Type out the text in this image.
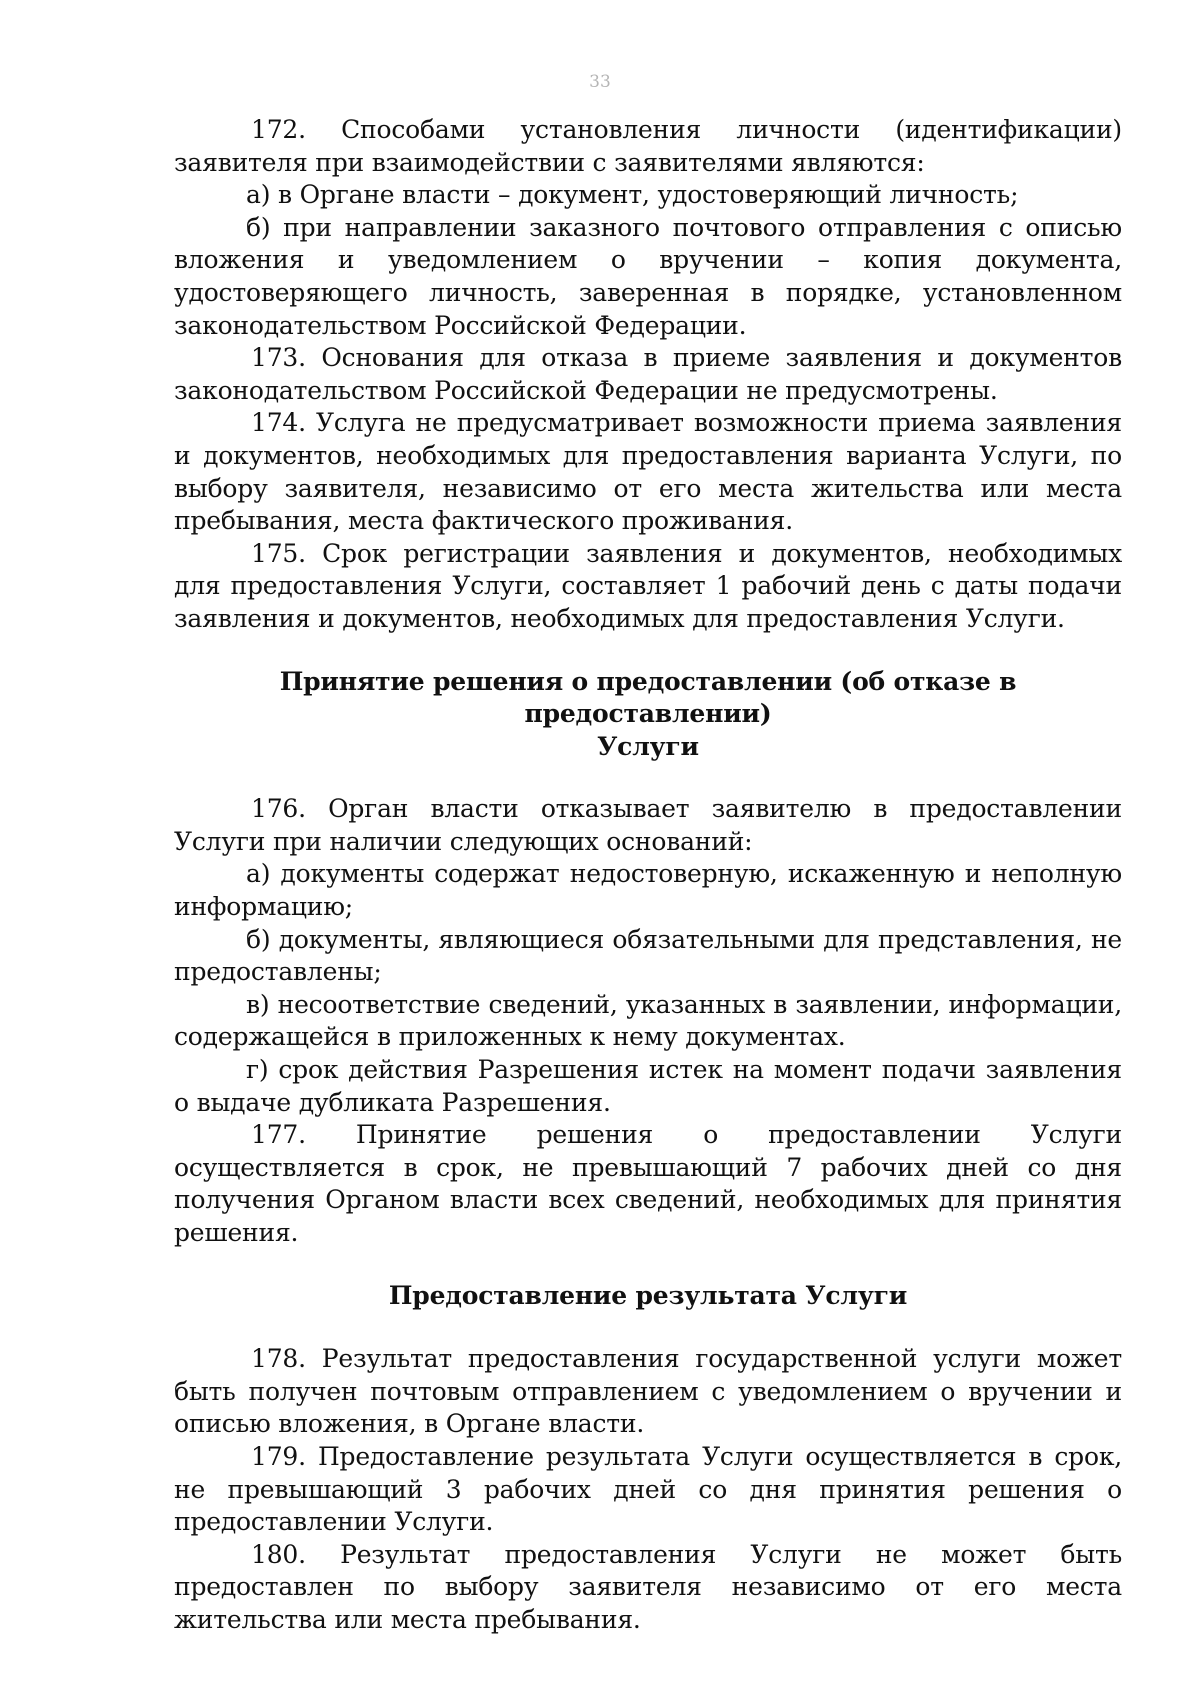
33

172. Способами установления личности (идентификации) заявителя при взаимодействии с заявителями являются:

а) в Органе власти – документ, удостоверяющий личность;

б) при направлении заказного почтового отправления с описью вложения и уведомлением о вручении – копия документа, удостоверяющего личность, заверенная в порядке, установленном законодательством Российской Федерации.

173. Основания для отказа в приеме заявления и документов законодательством Российской Федерации не предусмотрены.

174. Услуга не предусматривает возможности приема заявления и документов, необходимых для предоставления варианта Услуги, по выбору заявителя, независимо от его места жительства или места пребывания, места фактического проживания.

175. Срок регистрации заявления и документов, необходимых для предоставления Услуги, составляет 1 рабочий день с даты подачи заявления и документов, необходимых для предоставления Услуги.

Принятие решения о предоставлении (об отказе в предоставлении)
Услуги

176. Орган власти отказывает заявителю в предоставлении Услуги при наличии следующих оснований:

а) документы содержат недостоверную, искаженную и неполную информацию;

б) документы, являющиеся обязательными для представления, не предоставлены;

в) несоответствие сведений, указанных в заявлении, информации, содержащейся в приложенных к нему документах.

г) срок действия Разрешения истек на момент подачи заявления о выдаче дубликата Разрешения.

177. Принятие решения о предоставлении Услуги осуществляется в срок, не превышающий 7 рабочих дней со дня получения Органом власти всех сведений, необходимых для принятия решения.

Предоставление результата Услуги

178. Результат предоставления государственной услуги может быть получен почтовым отправлением с уведомлением о вручении и описью вложения, в Органе власти.

179. Предоставление результата Услуги осуществляется в срок, не превышающий 3 рабочих дней со дня принятия решения о предоставлении Услуги.

180. Результат предоставления Услуги не может быть предоставлен по выбору заявителя независимо от его места жительства или места пребывания.
